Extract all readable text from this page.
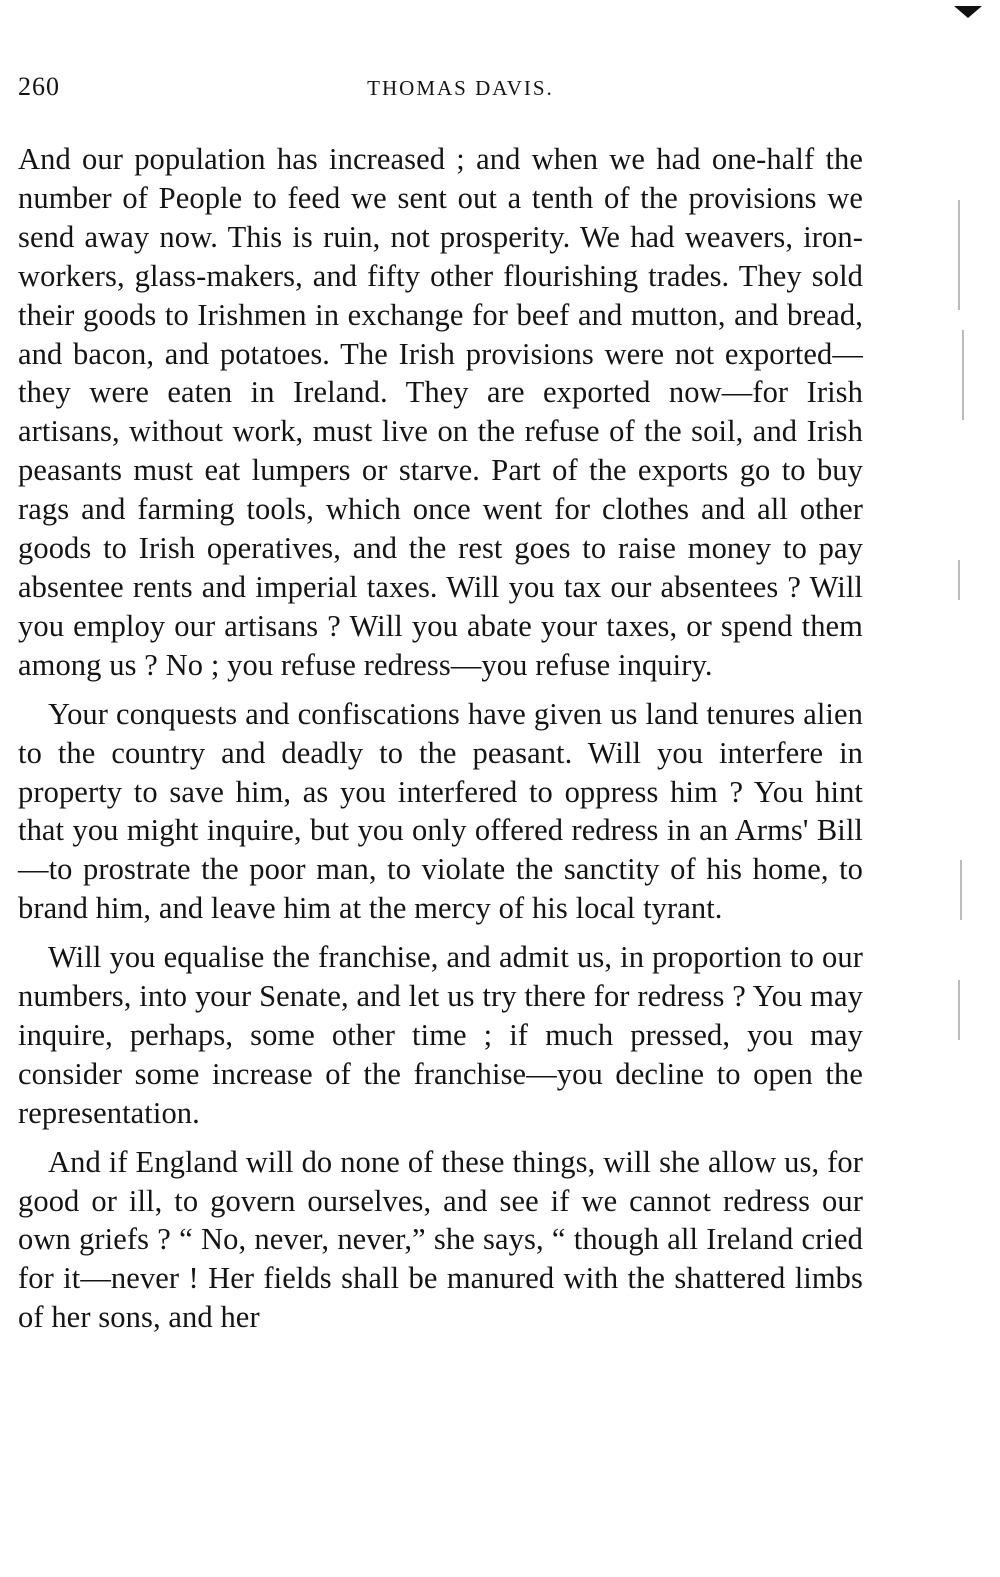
260	THOMAS DAVIS.

And our population has increased ; and when we had one-half the number of People to feed we sent out a tenth of the provisions we send away now. This is ruin, not prosperity. We had weavers, iron-workers, glass-makers, and fifty other flourishing trades. They sold their goods to Irishmen in exchange for beef and mutton, and bread, and bacon, and potatoes. The Irish provisions were not exported—they were eaten in Ireland. They are exported now—for Irish artisans, without work, must live on the refuse of the soil, and Irish peasants must eat lumpers or starve. Part of the exports go to buy rags and farming tools, which once went for clothes and all other goods to Irish operatives, and the rest goes to raise money to pay absentee rents and imperial taxes. Will you tax our absentees ? Will you employ our artisans ? Will you abate your taxes, or spend them among us ? No ; you refuse redress—you refuse inquiry.

Your conquests and confiscations have given us land tenures alien to the country and deadly to the peasant. Will you interfere in property to save him, as you interfered to oppress him ? You hint that you might inquire, but you only offered redress in an Arms' Bill—to prostrate the poor man, to violate the sanctity of his home, to brand him, and leave him at the mercy of his local tyrant.

Will you equalise the franchise, and admit us, in proportion to our numbers, into your Senate, and let us try there for redress ? You may inquire, perhaps, some other time ; if much pressed, you may consider some increase of the franchise—you decline to open the representation.

And if England will do none of these things, will she allow us, for good or ill, to govern ourselves, and see if we cannot redress our own griefs ? “ No, never, never,” she says, “ though all Ireland cried for it—never ! Her fields shall be manured with the shattered limbs of her sons, and her
